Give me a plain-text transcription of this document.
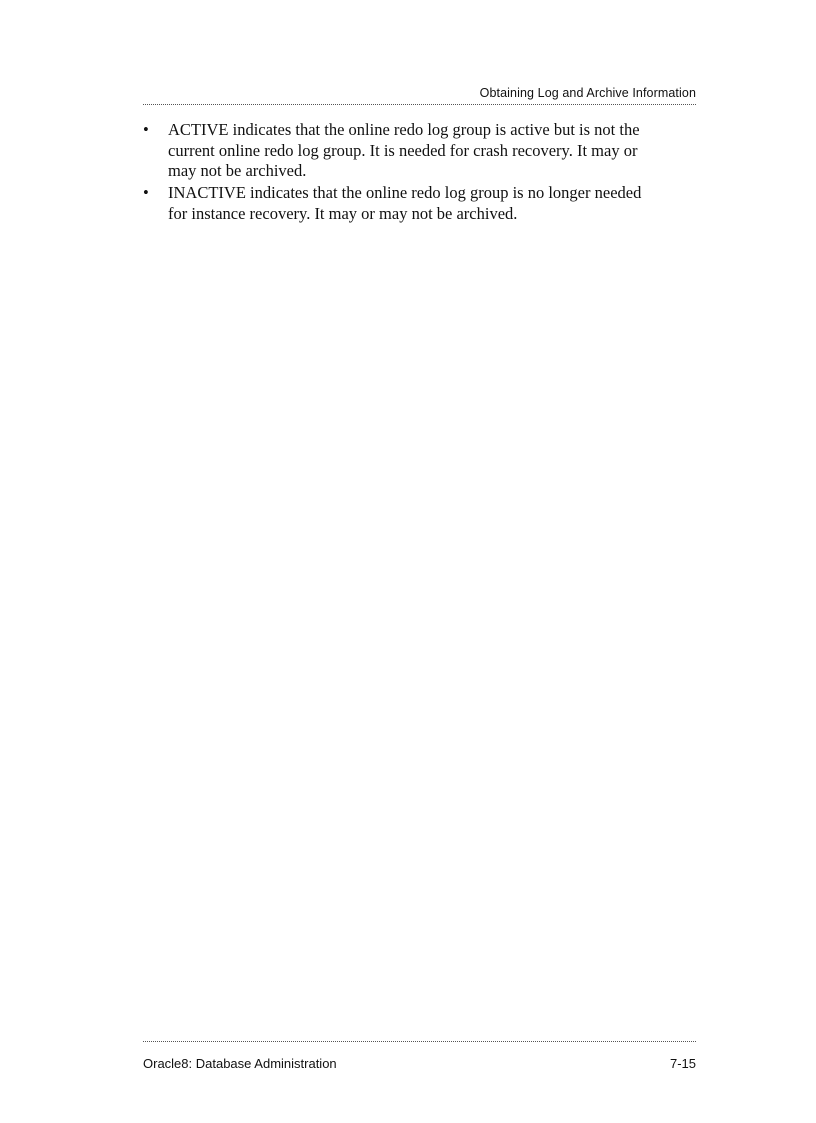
Obtaining Log and Archive Information
• ACTIVE indicates that the online redo log group is active but is not the current online redo log group. It is needed for crash recovery. It may or may not be archived.
• INACTIVE indicates that the online redo log group is no longer needed for instance recovery. It may or may not be archived.
Oracle8: Database Administration	7-15
